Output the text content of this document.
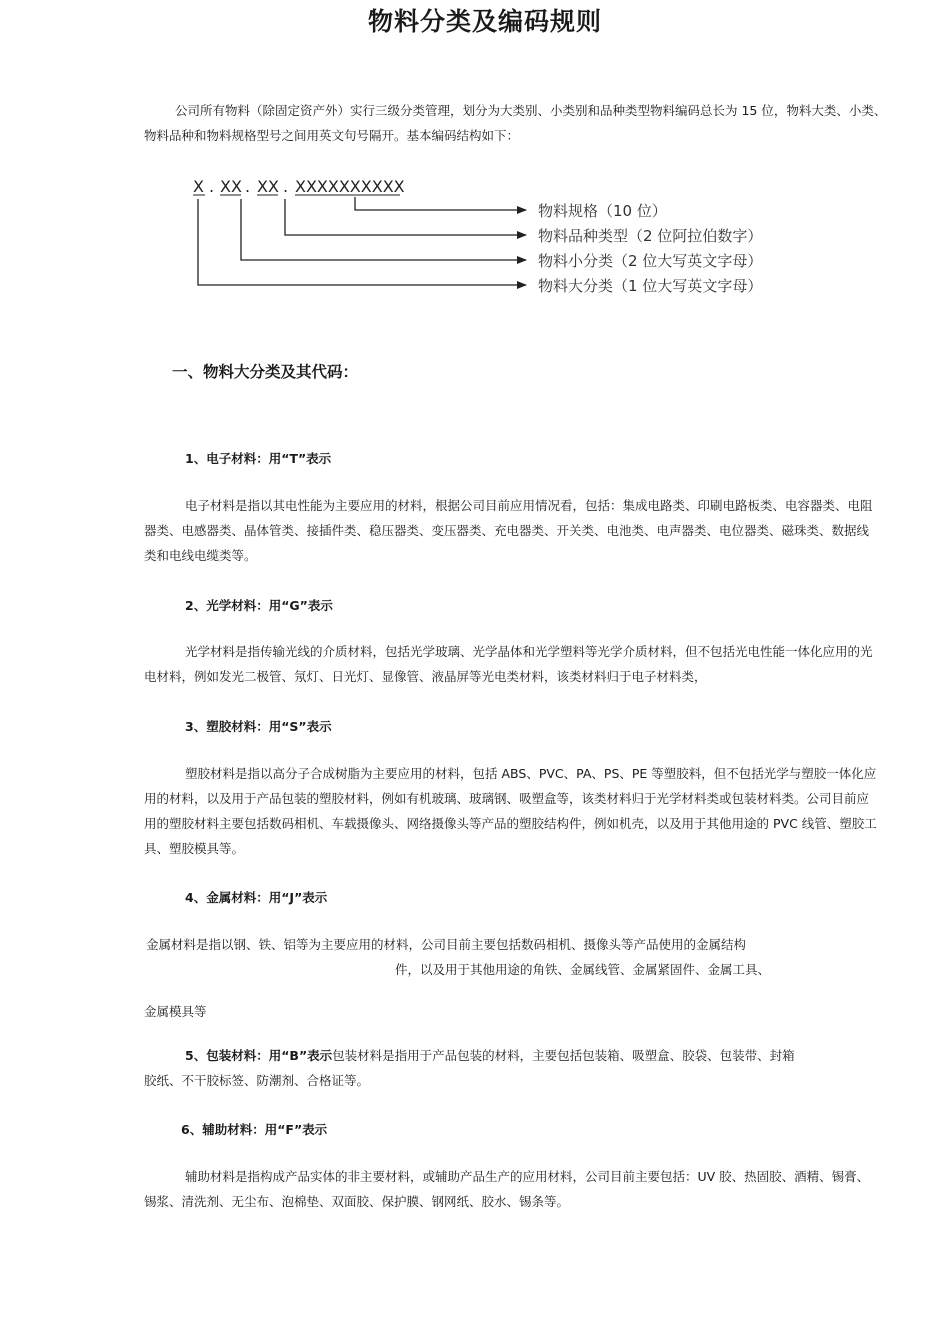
物料分类及编码规则
公司所有物料（除固定资产外）实行三级分类管理，划分为大类别、小类别和品种类型物料编码总长为 15 位，物料大类、小类、
物料品种和物料规格型号之间用英文句号隔开。基本编码结构如下：
X . XX . XX . XXXXXXXXXX
物料规格（10 位）
物料品种类型（2 位阿拉伯数字）
物料小分类（2 位大写英文字母）
物料大分类（1 位大写英文字母）
一、物料大分类及其代码：
1、电子材料：用“T”表示
电子材料是指以其电性能为主要应用的材料，根据公司目前应用情况看，包括：集成电路类、印刷电路板类、电容器类、电阻
器类、电感器类、晶体管类、接插件类、稳压器类、变压器类、充电器类、开关类、电池类、电声器类、电位器类、磁珠类、数据线
类和电线电缆类等。
2、光学材料：用“G”表示
光学材料是指传输光线的介质材料，包括光学玻璃、光学晶体和光学塑料等光学介质材料，但不包括光电性能一体化应用的光
电材料，例如发光二极管、氖灯、日光灯、显像管、液晶屏等光电类材料，该类材料归于电子材料类，
3、塑胶材料：用“S”表示
塑胶材料是指以高分子合成树脂为主要应用的材料，包括 ABS、PVC、PA、PS、PE 等塑胶料，但不包括光学与塑胶一体化应
用的材料，以及用于产品包装的塑胶材料，例如有机玻璃、玻璃钢、吸塑盒等，该类材料归于光学材料类或包装材料类。公司目前应
用的塑胶材料主要包括数码相机、车载摄像头、网络摄像头等产品的塑胶结构件，例如机壳，以及用于其他用途的 PVC 线管、塑胶工
具、塑胶模具等。
4、金属材料：用“J”表示
金属材料是指以钢、铁、铝等为主要应用的材料，公司目前主要包括数码相机、摄像头等产品使用的金属结构
件，以及用于其他用途的角铁、金属线管、金属紧固件、金属工具、
金属模具等
5、包装材料：用“B”表示包装材料是指用于产品包装的材料，主要包括包装箱、吸塑盒、胶袋、包装带、封箱
胶纸、不干胶标签、防潮剂、合格证等。
6、辅助材料：用“F”表示
辅助材料是指构成产品实体的非主要材料，或辅助产品生产的应用材料，公司目前主要包括：UV 胶、热固胶、酒精、锡膏、
锡浆、清洗剂、无尘布、泡棉垫、双面胶、保护膜、钢网纸、胶水、锡条等。
